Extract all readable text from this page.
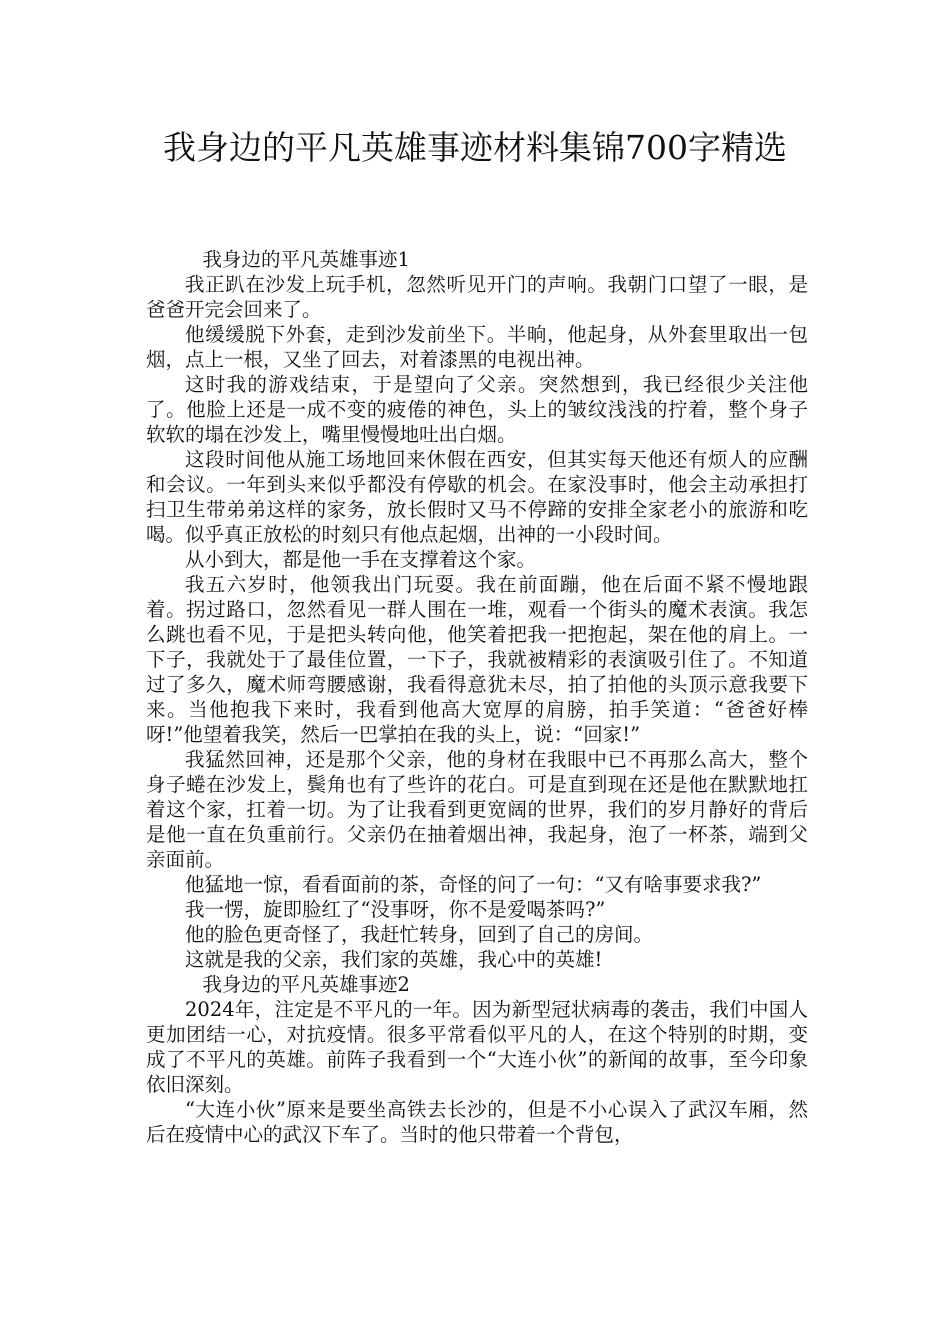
我身边的平凡英雄事迹材料集锦700字精选

我身边的平凡英雄事迹1

我正趴在沙发上玩手机，忽然听见开门的声响。我朝门口望了一眼，是爸爸开完会回来了。

他缓缓脱下外套，走到沙发前坐下。半晌，他起身，从外套里取出一包烟，点上一根，又坐了回去，对着漆黑的电视出神。

这时我的游戏结束，于是望向了父亲。突然想到，我已经很少关注他了。他脸上还是一成不变的疲倦的神色，头上的皱纹浅浅的拧着，整个身子软软的塌在沙发上，嘴里慢慢地吐出白烟。

这段时间他从施工场地回来休假在西安，但其实每天他还有烦人的应酬和会议。一年到头来似乎都没有停歇的机会。在家没事时，他会主动承担打扫卫生带弟弟这样的家务，放长假时又马不停蹄的安排全家老小的旅游和吃喝。似乎真正放松的时刻只有他点起烟，出神的一小段时间。

从小到大，都是他一手在支撑着这个家。

我五六岁时，他领我出门玩耍。我在前面蹦，他在后面不紧不慢地跟着。拐过路口，忽然看见一群人围在一堆，观看一个街头的魔术表演。我怎么跳也看不见，于是把头转向他，他笑着把我一把抱起，架在他的肩上。一下子，我就处于了最佳位置，一下子，我就被精彩的表演吸引住了。不知道过了多久，魔术师弯腰感谢，我看得意犹未尽，拍了拍他的头顶示意我要下来。当他抱我下来时，我看到他高大宽厚的肩膀，拍手笑道：“爸爸好棒呀!”他望着我笑，然后一巴掌拍在我的头上，说：“回家!”

我猛然回神，还是那个父亲，他的身材在我眼中已不再那么高大，整个身子蜷在沙发上，鬓角也有了些许的花白。可是直到现在还是他在默默地扛着这个家，扛着一切。为了让我看到更宽阔的世界，我们的岁月静好的背后是他一直在负重前行。父亲仍在抽着烟出神，我起身，泡了一杯茶，端到父亲面前。

他猛地一惊，看看面前的茶，奇怪的问了一句：“又有啥事要求我?”

我一愣，旋即脸红了“没事呀，你不是爱喝茶吗?”

他的脸色更奇怪了，我赶忙转身，回到了自己的房间。

这就是我的父亲，我们家的英雄，我心中的英雄!

我身边的平凡英雄事迹2

2024年，注定是不平凡的一年。因为新型冠状病毒的袭击，我们中国人更加团结一心，对抗疫情。很多平常看似平凡的人，在这个特别的时期，变成了不平凡的英雄。前阵子我看到一个“大连小伙”的新闻的故事，至今印象依旧深刻。

“大连小伙”原来是要坐高铁去长沙的，但是不小心误入了武汉车厢，然后在疫情中心的武汉下车了。当时的他只带着一个背包，
